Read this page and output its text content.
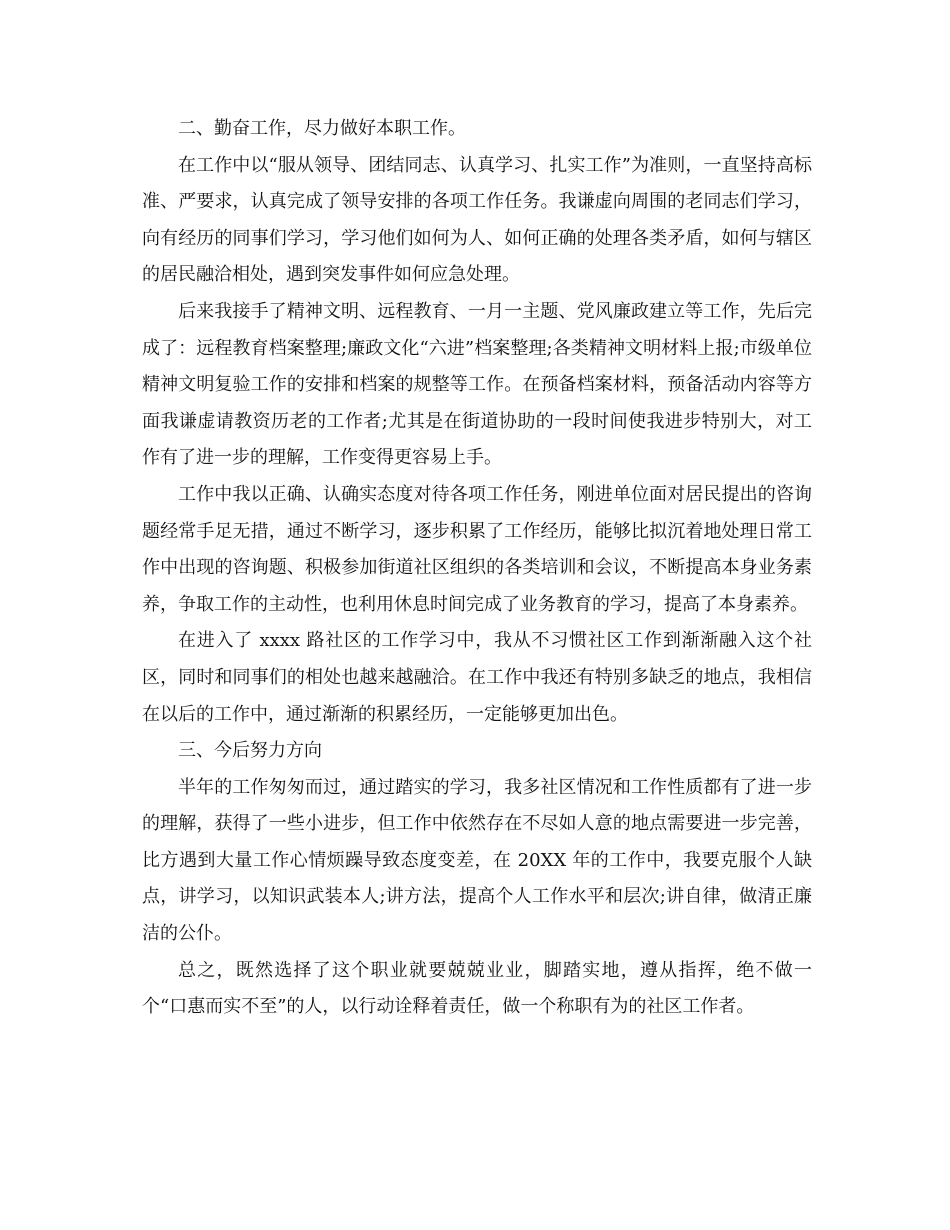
二、勤奋工作，尽力做好本职工作。

在工作中以“服从领导、团结同志、认真学习、扎实工作”为准则，一直坚持高标准、严要求，认真完成了领导安排的各项工作任务。我谦虚向周围的老同志们学习，向有经历的同事们学习，学习他们如何为人、如何正确的处理各类矛盾，如何与辖区的居民融洽相处，遇到突发事件如何应急处理。

后来我接手了精神文明、远程教育、一月一主题、党风廉政建立等工作，先后完成了：远程教育档案整理;廉政文化“六进”档案整理;各类精神文明材料上报;市级单位精神文明复验工作的安排和档案的规整等工作。在预备档案材料，预备活动内容等方面我谦虚请教资历老的工作者;尤其是在街道协助的一段时间使我进步特别大，对工作有了进一步的理解，工作变得更容易上手。

工作中我以正确、认确实态度对待各项工作任务，刚进单位面对居民提出的咨询题经常手足无措，通过不断学习，逐步积累了工作经历，能够比拟沉着地处理日常工作中出现的咨询题、积极参加街道社区组织的各类培训和会议，不断提高本身业务素养，争取工作的主动性，也利用休息时间完成了业务教育的学习，提高了本身素养。

在进入了 xxxx 路社区的工作学习中，我从不习惯社区工作到渐渐融入这个社区，同时和同事们的相处也越来越融洽。在工作中我还有特别多缺乏的地点，我相信在以后的工作中，通过渐渐的积累经历，一定能够更加出色。

三、今后努力方向

半年的工作匆匆而过，通过踏实的学习，我多社区情况和工作性质都有了进一步的理解，获得了一些小进步，但工作中依然存在不尽如人意的地点需要进一步完善，比方遇到大量工作心情烦躁导致态度变差，在 20XX 年的工作中，我要克服个人缺点，讲学习，以知识武装本人;讲方法，提高个人工作水平和层次;讲自律，做清正廉洁的公仆。

总之，既然选择了这个职业就要兢兢业业，脚踏实地，遵从指挥，绝不做一个“口惠而实不至”的人，以行动诠释着责任，做一个称职有为的社区工作者。
